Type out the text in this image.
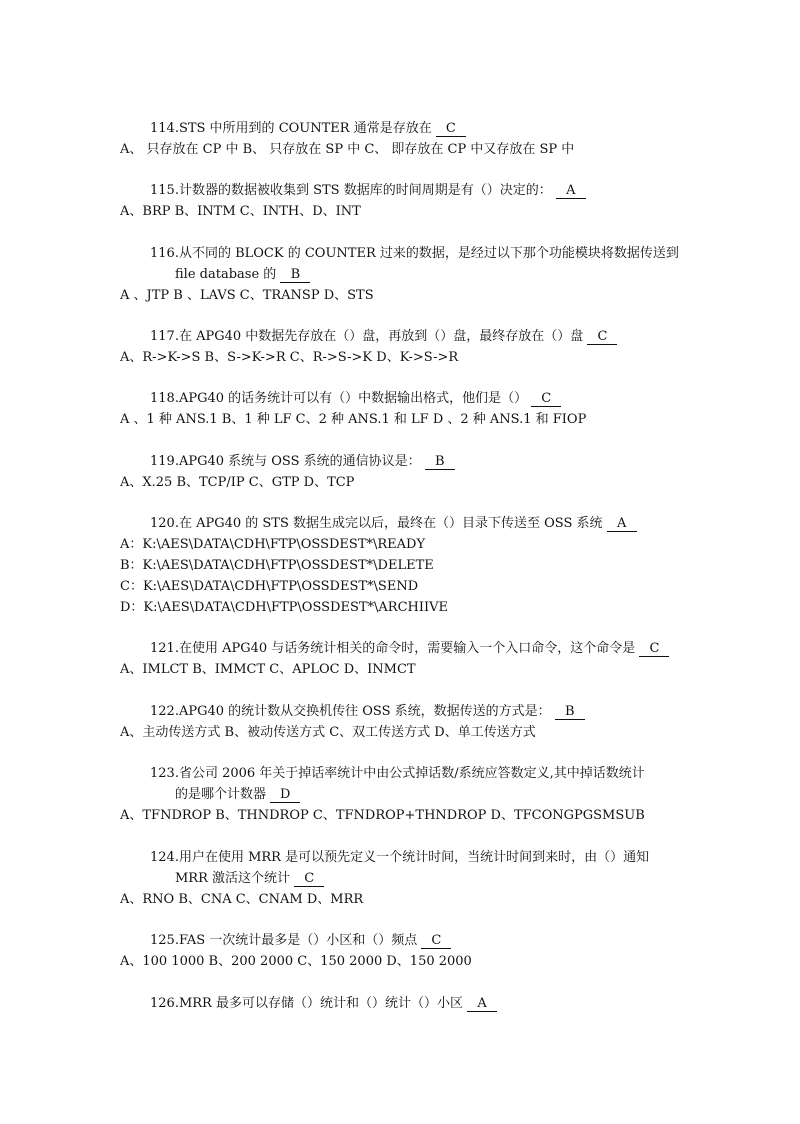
114.STS 中所用到的 COUNTER 通常是存放在 C
A、 只存放在 CP 中 B、 只存放在 SP 中 C、 即存放在 CP 中又存放在 SP 中
115.计数器的数据被收集到 STS 数据库的时间周期是有（）决定的： A
A、BRP B、INTM C、INTH、D、INT
116.从不同的 BLOCK 的 COUNTER 过来的数据，是经过以下那个功能模块将数据传送到
file database 的 B
A 、JTP B 、LAVS C、TRANSP D、STS
117.在 APG40 中数据先存放在（）盘，再放到（）盘，最终存放在（）盘 C
A、R->K->S B、S->K->R C、R->S->K D、K->S->R
118.APG40 的话务统计可以有（）中数据输出格式，他们是（） C
A 、1 种 ANS.1 B、1 种 LF C、2 种 ANS.1 和 LF D 、2 种 ANS.1 和 FIOP
119.APG40 系统与 OSS 系统的通信协议是： B
A、X.25 B、TCP/IP C、GTP D、TCP
120.在 APG40 的 STS 数据生成完以后，最终在（）目录下传送至 OSS 系统 A
A：K:\AES\DATA\CDH\FTP\OSSDEST*\READY
B：K:\AES\DATA\CDH\FTP\OSSDEST*\DELETE
C：K:\AES\DATA\CDH\FTP\OSSDEST*\SEND
D：K:\AES\DATA\CDH\FTP\OSSDEST*\ARCHIIVE
121.在使用 APG40 与话务统计相关的命令时，需要输入一个入口命令，这个命令是 C
A、IMLCT B、IMMCT C、APLOC D、INMCT
122.APG40 的统计数从交换机传往 OSS 系统，数据传送的方式是： B
A、主动传送方式 B、被动传送方式 C、双工传送方式 D、单工传送方式
123.省公司 2006 年关于掉话率统计中由公式掉话数/系统应答数定义,其中掉话数统计
的是哪个计数器 D
A、TFNDROP B、THNDROP C、TFNDROP+THNDROP D、TFCONGPGSMSUB
124.用户在使用 MRR 是可以预先定义一个统计时间，当统计时间到来时，由（）通知
MRR 激活这个统计 C
A、RNO B、CNA C、CNAM D、MRR
125.FAS 一次统计最多是（）小区和（）频点 C
A、100 1000 B、200 2000 C、150 2000 D、150 2000
126.MRR 最多可以存储（）统计和（）统计（）小区 A
